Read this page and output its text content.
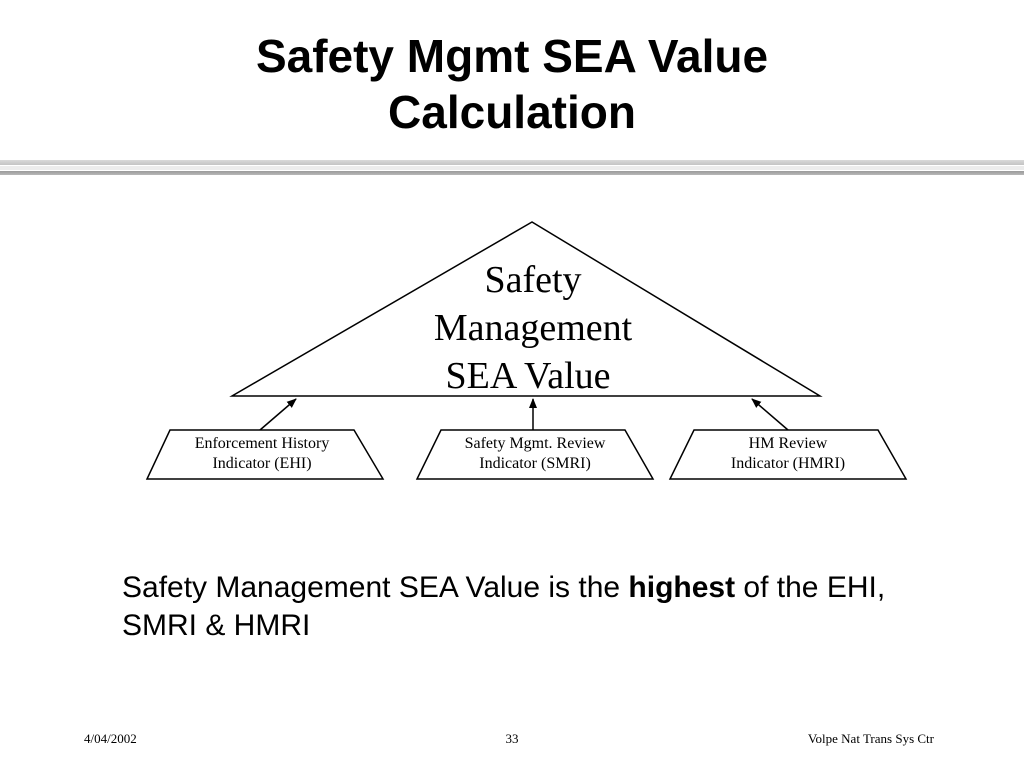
Safety Mgmt SEA Value
Calculation
Safety
Management
SEA Value
Enforcement History
Indicator (EHI)
Safety Mgmt. Review
Indicator (SMRI)
HM Review
Indicator (HMRI)

Safety Management SEA Value is the highest of the EHI, SMRI & HMRI

4/04/2002	33	Volpe Nat Trans Sys Ctr
